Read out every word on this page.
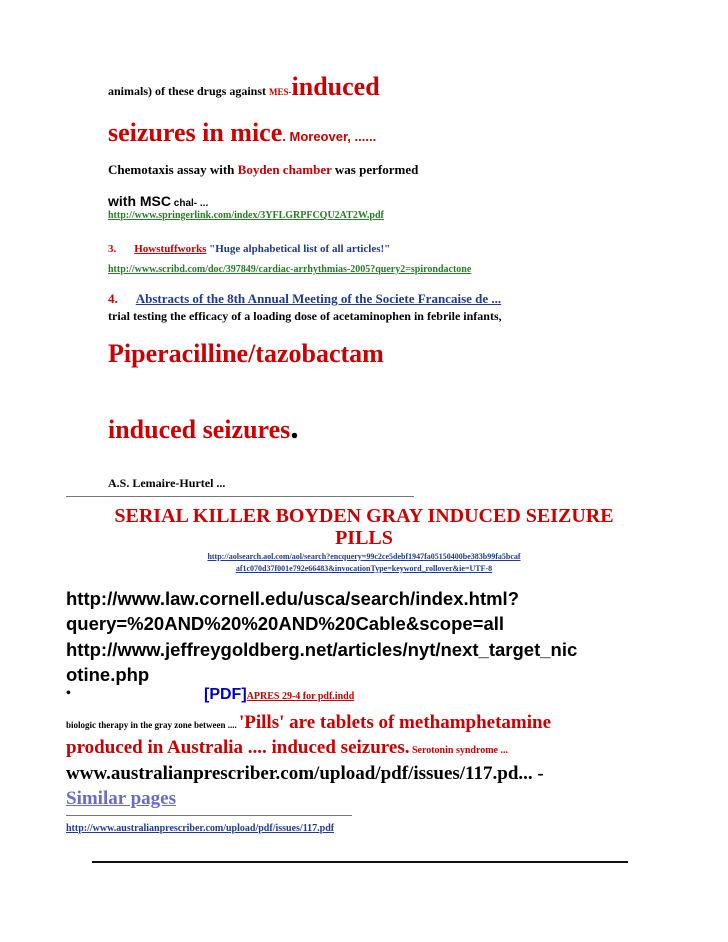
animals) of these drugs against MES-induced
seizures in mice. Moreover, ......
Chemotaxis assay with Boyden chamber was performed
with MSC chal- ...
http://www.springerlink.com/index/3YFLGRPFCQU2AT2W.pdf
3. Howstuffworks "Huge alphabetical list of all articles!"
http://www.scribd.com/doc/397849/cardiac-arrhythmias-2005?query2=spirondactone
4. Abstracts of the 8th Annual Meeting of the Societe Francaise de ...
trial testing the efficacy of a loading dose of acetaminophen in febrile infants,
Piperacilline/tazobactam
induced seizures.
A.S. Lemaire-Hurtel ...
SERIAL KILLER BOYDEN GRAY INDUCED SEIZURE
PILLS
http://aolsearch.aol.com/aol/search?encquery=99c2ce5debf1947fa05150400be383b99fa5bcaf
af1c070d37f001e792e66483&invocationType=keyword_rollover&ie=UTF-8
http://www.law.cornell.edu/usca/search/index.html?
query=%20AND%20%20AND%20Cable&scope=all
http://www.jeffreygoldberg.net/articles/nyt/next_target_nic
otine.php
•	[PDF]APRES 29-4 for pdf.indd
biologic therapy in the gray zone between .... 'Pills' are tablets of methamphetamine
produced in Australia .... induced seizures. Serotonin syndrome ...
www.australianprescriber.com/upload/pdf/issues/117.pd... -
Similar pages
http://www.australianprescriber.com/upload/pdf/issues/117.pdf
